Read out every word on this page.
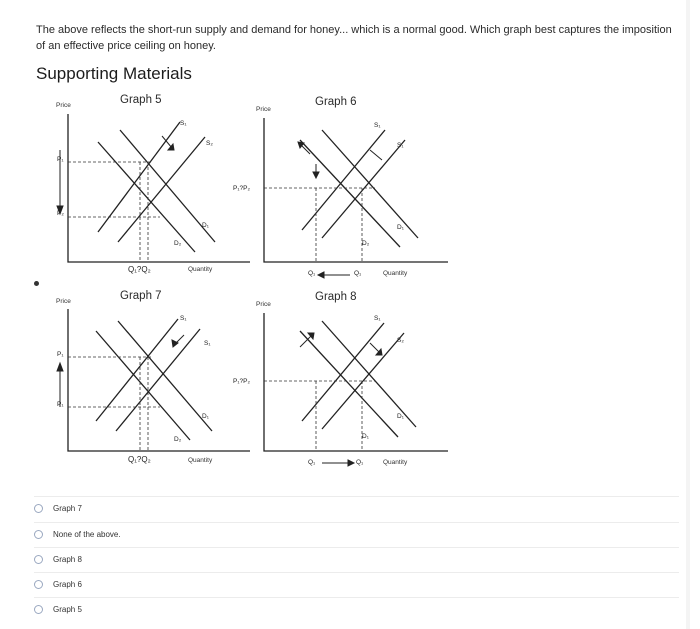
The above reflects the short-run supply and demand for honey... which is a normal good. Which graph best captures the imposition of an effective price ceiling on honey.
Supporting Materials
Graph 5
Price
P₁
P₂
S₁
S₂
D₁
D₂
Q₁?Q₂	Quantity
Graph 6
Price
P₁?P₂
S₁
S₁
D₁
D₂
Q₁	Q₁	Quantity
Graph 7
Price
P₁
P₁
S₁
S₁
D₁
D₂
Q₁?Q₂	Quantity
Graph 8
Price
P₁?P₂
S₁
S₂
D₁
D₁
Q₁	Q₁	Quantity
Graph 7
None of the above.
Graph 8
Graph 6
Graph 5
